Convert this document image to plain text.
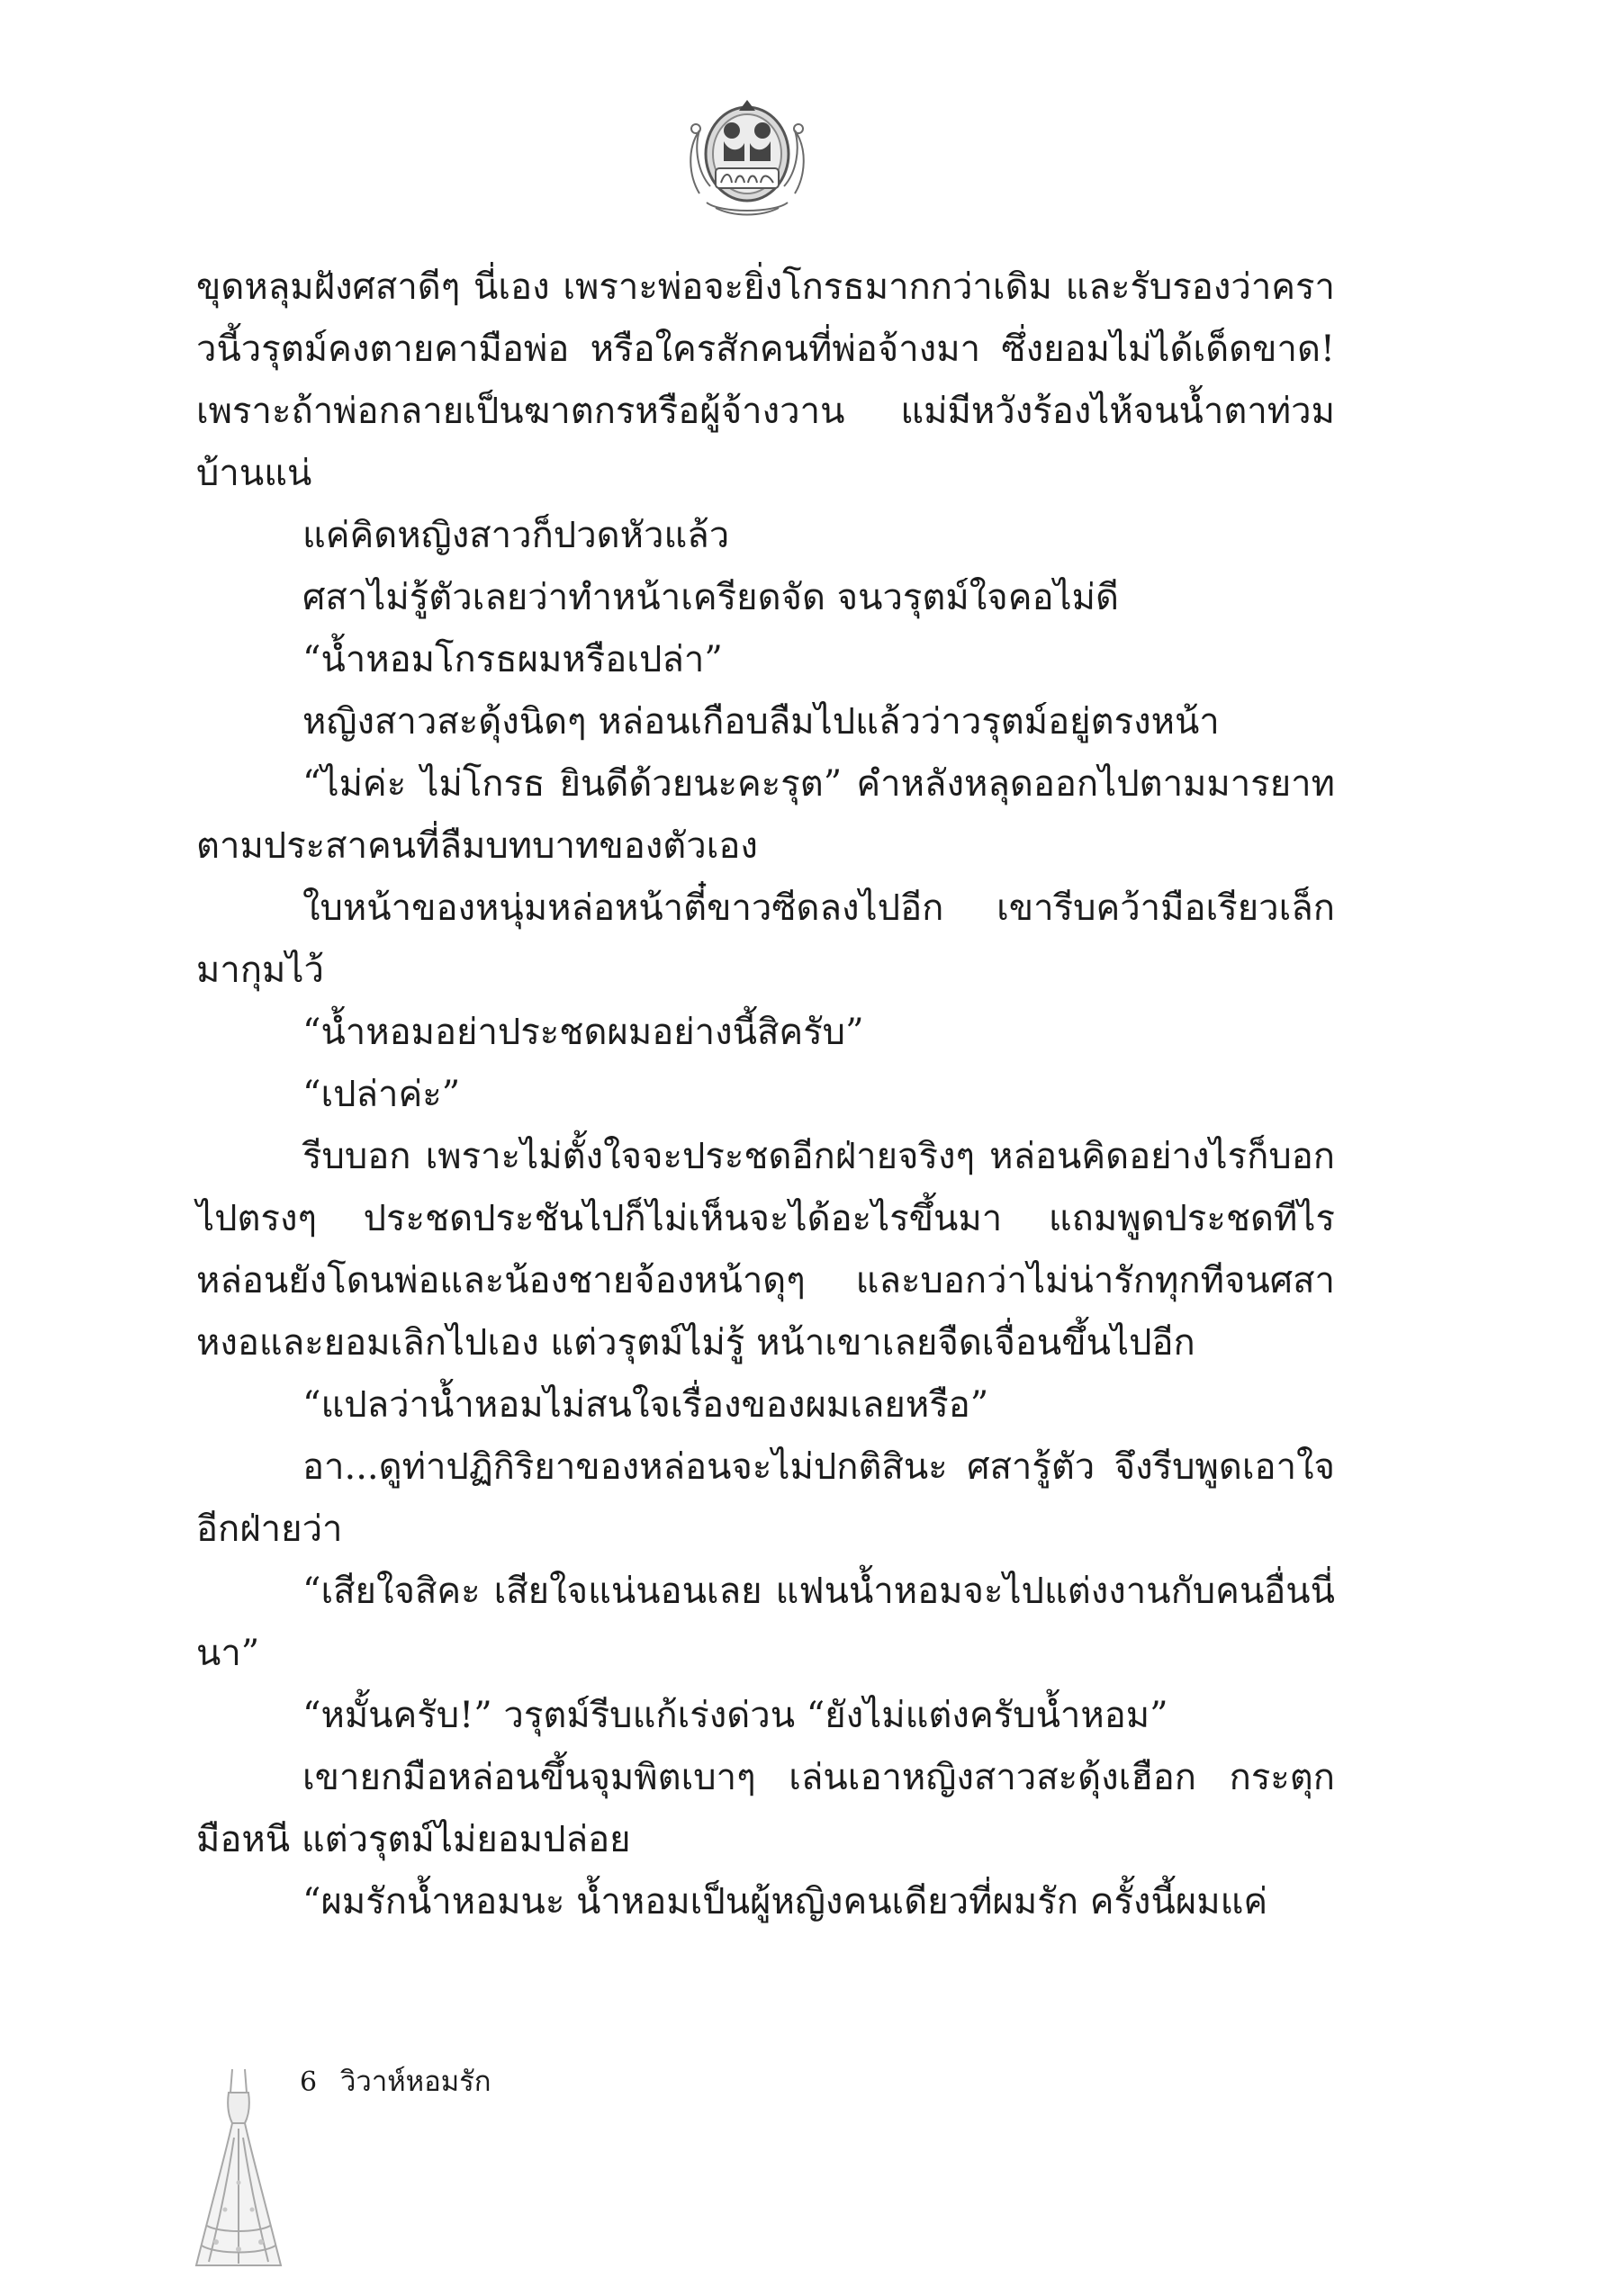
ขุดหลุมฝังศสาดีๆ นี่เอง เพราะพ่อจะยิ่งโกรธมากกว่าเดิม และรับรองว่าคราวนี้วรุตม์คงตายคามือพ่อ หรือใครสักคนที่พ่อจ้างมา ซึ่งยอมไม่ได้เด็ดขาด! เพราะถ้าพ่อกลายเป็นฆาตกรหรือผู้จ้างวาน แม่มีหวังร้องไห้จนน้ำตาท่วมบ้านแน่

แค่คิดหญิงสาวก็ปวดหัวแล้ว

ศสาไม่รู้ตัวเลยว่าทำหน้าเครียดจัด จนวรุตม์ใจคอไม่ดี

“น้ำหอมโกรธผมหรือเปล่า”

หญิงสาวสะดุ้งนิดๆ หล่อนเกือบลืมไปแล้วว่าวรุตม์อยู่ตรงหน้า

“ไม่ค่ะ ไม่โกรธ ยินดีด้วยนะคะรุต” คำหลังหลุดออกไปตามมารยาทตามประสาคนที่ลืมบทบาทของตัวเอง

ใบหน้าของหนุ่มหล่อหน้าตี๋ขาวซีดลงไปอีก เขารีบคว้ามือเรียวเล็กมากุมไว้

“น้ำหอมอย่าประชดผมอย่างนี้สิครับ”

“เปล่าค่ะ”

รีบบอก เพราะไม่ตั้งใจจะประชดอีกฝ่ายจริงๆ หล่อนคิดอย่างไรก็บอกไปตรงๆ ประชดประชันไปก็ไม่เห็นจะได้อะไรขึ้นมา แถมพูดประชดทีไร หล่อนยังโดนพ่อและน้องชายจ้องหน้าดุๆ และบอกว่าไม่น่ารักทุกทีจนศสาหงอและยอมเลิกไปเอง แต่วรุตม์ไม่รู้ หน้าเขาเลยจืดเจื่อนขึ้นไปอีก

“แปลว่าน้ำหอมไม่สนใจเรื่องของผมเลยหรือ”

อา...ดูท่าปฏิกิริยาของหล่อนจะไม่ปกติสินะ ศสารู้ตัว จึงรีบพูดเอาใจอีกฝ่ายว่า

“เสียใจสิคะ เสียใจแน่นอนเลย แฟนน้ำหอมจะไปแต่งงานกับคนอื่นนี่นา”

“หมั้นครับ!” วรุตม์รีบแก้เร่งด่วน “ยังไม่แต่งครับน้ำหอม”

เขายกมือหล่อนขึ้นจุมพิตเบาๆ เล่นเอาหญิงสาวสะดุ้งเฮือก กระตุกมือหนี แต่วรุตม์ไม่ยอมปล่อย

“ผมรักน้ำหอมนะ น้ำหอมเป็นผู้หญิงคนเดียวที่ผมรัก ครั้งนี้ผมแค่

6 วิวาห์หอมรัก
